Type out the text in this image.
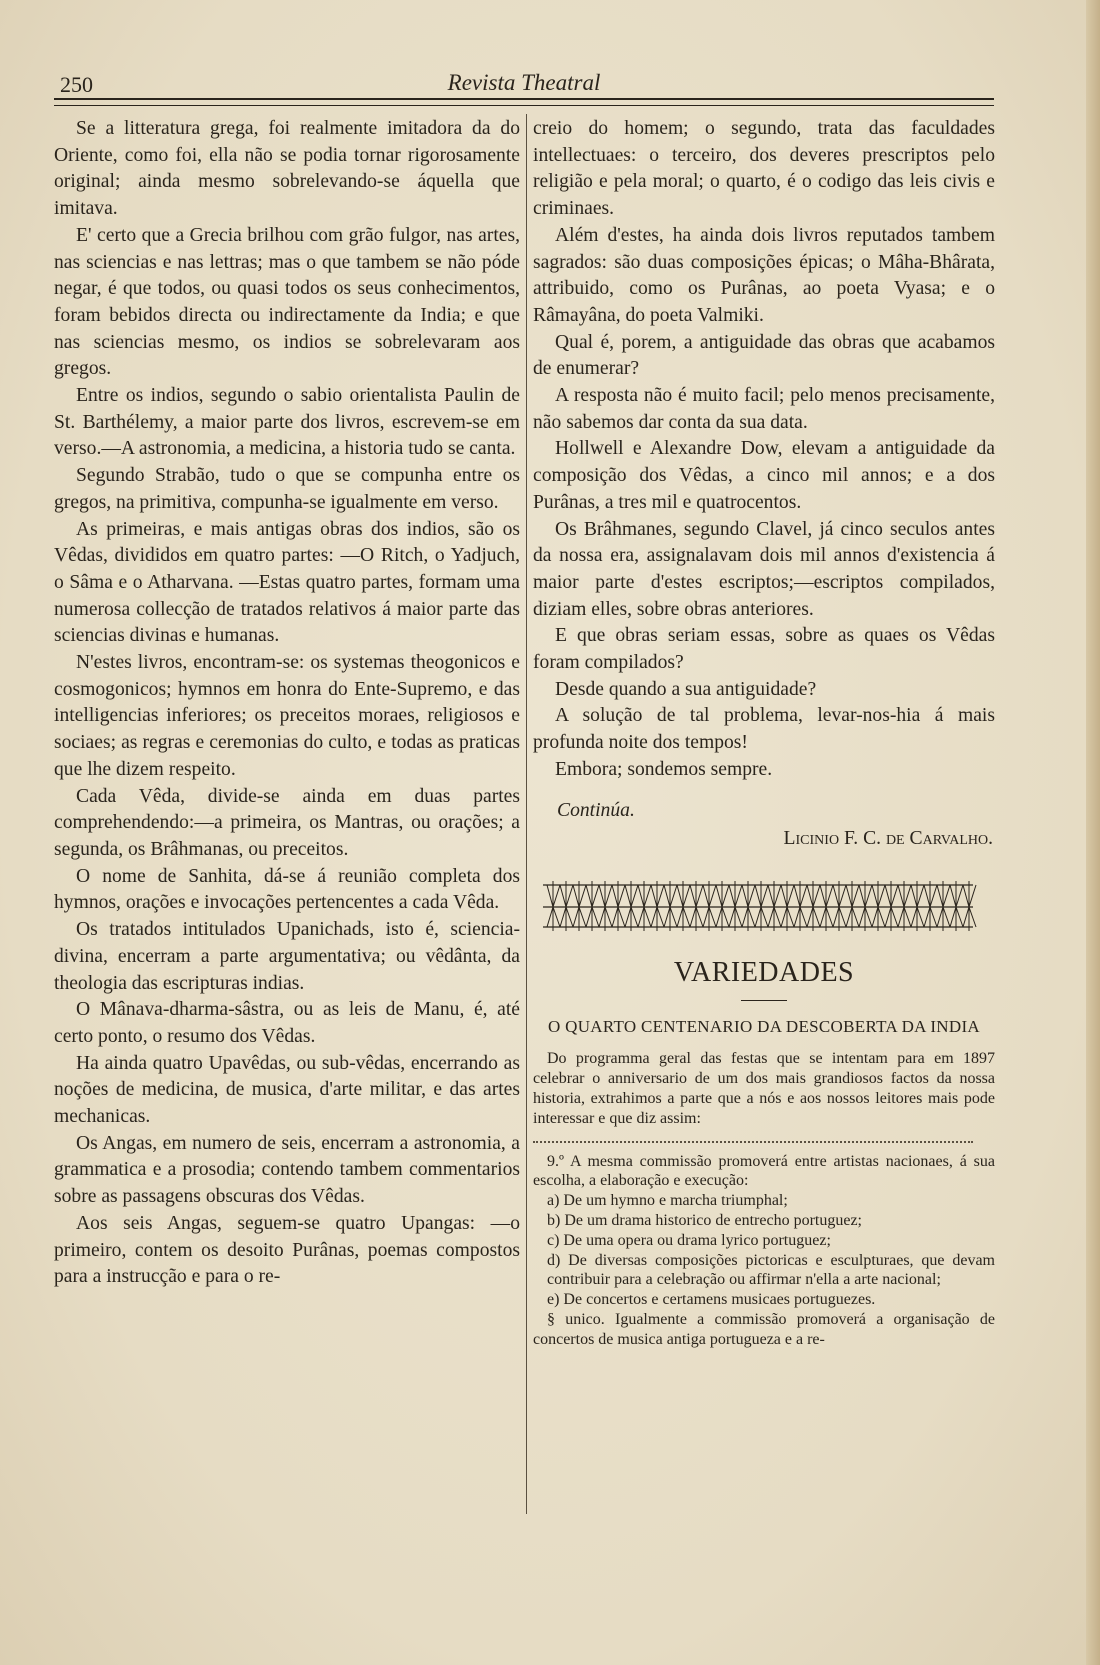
250	Revista Theatral

Se a litteratura grega, foi realmente imitadora da do Oriente, como foi, ella não se podia tornar rigorosamente original; ainda mesmo sobrelevando-se áquella que imitava.

E' certo que a Grecia brilhou com grão fulgor, nas artes, nas sciencias e nas lettras; mas o que tambem se não póde negar, é que todos, ou quasi todos os seus conhecimentos, foram bebidos directa ou indirectamente da India; e que nas sciencias mesmo, os indios se sobrelevaram aos gregos.

Entre os indios, segundo o sabio orientalista Paulin de St. Barthélemy, a maior parte dos livros, escrevem-se em verso.—A astronomia, a medicina, a historia tudo se canta.

Segundo Strabão, tudo o que se compunha entre os gregos, na primitiva, compunha-se igualmente em verso.

As primeiras, e mais antigas obras dos indios, são os Vêdas, divididos em quatro partes: —O Ritch, o Yadjuch, o Sâma e o Atharvana. —Estas quatro partes, formam uma numerosa collecção de tratados relativos á maior parte das sciencias divinas e humanas.

N'estes livros, encontram-se: os systemas theogonicos e cosmogonicos; hymnos em honra do Ente-Supremo, e das intelligencias inferiores; os preceitos moraes, religiosos e sociaes; as regras e ceremonias do culto, e todas as praticas que lhe dizem respeito.

Cada Vêda, divide-se ainda em duas partes comprehendendo:—a primeira, os Mantras, ou orações; a segunda, os Brâhmanas, ou preceitos.

O nome de Sanhita, dá-se á reunião completa dos hymnos, orações e invocações pertencentes a cada Vêda.

Os tratados intitulados Upanichads, isto é, sciencia-divina, encerram a parte argumentativa; ou vêdânta, da theologia das escripturas indias.

O Mânava-dharma-sâstra, ou as leis de Manu, é, até certo ponto, o resumo dos Vêdas.

Ha ainda quatro Upavêdas, ou sub-vêdas, encerrando as noções de medicina, de musica, d'arte militar, e das artes mechanicas.

Os Angas, em numero de seis, encerram a astronomia, a grammatica e a prosodia; contendo tambem commentarios sobre as passagens obscuras dos Vêdas.

Aos seis Angas, seguem-se quatro Upangas: —o primeiro, contem os desoito Purânas, poemas compostos para a instrucção e para o re-

creio do homem; o segundo, trata das faculdades intellectuaes: o terceiro, dos deveres prescriptos pelo religião e pela moral; o quarto, é o codigo das leis civis e criminaes.

Além d'estes, ha ainda dois livros reputados tambem sagrados: são duas composições épicas; o Mâha-Bhârata, attribuido, como os Purânas, ao poeta Vyasa; e o Râmayâna, do poeta Valmiki.

Qual é, porem, a antiguidade das obras que acabamos de enumerar?

A resposta não é muito facil; pelo menos precisamente, não sabemos dar conta da sua data.

Hollwell e Alexandre Dow, elevam a antiguidade da composição dos Vêdas, a cinco mil annos; e a dos Purânas, a tres mil e quatrocentos.

Os Brâhmanes, segundo Clavel, já cinco seculos antes da nossa era, assignalavam dois mil annos d'existencia á maior parte d'estes escriptos;—escriptos compilados, diziam elles, sobre obras anteriores.

E que obras seriam essas, sobre as quaes os Vêdas foram compilados?

Desde quando a sua antiguidade?

A solução de tal problema, levar-nos-hia á mais profunda noite dos tempos!

Embora; sondemos sempre.

Continúa.
Licinio F. C. de Carvalho.
VARIEDADES
O QUARTO CENTENARIO DA DESCOBERTA DA INDIA

Do programma geral das festas que se intentam para em 1897 celebrar o anniversario de um dos mais grandiosos factos da nossa historia, extrahimos a parte que a nós e aos nossos leitores mais pode interessar e que diz assim:

9.º A mesma commissão promoverá entre artistas nacionaes, á sua escolha, a elaboração e execução:

a) De um hymno e marcha triumphal;

b) De um drama historico de entrecho portuguez;

c) De uma opera ou drama lyrico portuguez;

d) De diversas composições pictoricas e esculpturaes, que devam contribuir para a celebração ou affirmar n'ella a arte nacional;

e) De concertos e certamens musicaes portuguezes.

§ unico. Igualmente a commissão promoverá a organisação de concertos de musica antiga portugueza e a re-
